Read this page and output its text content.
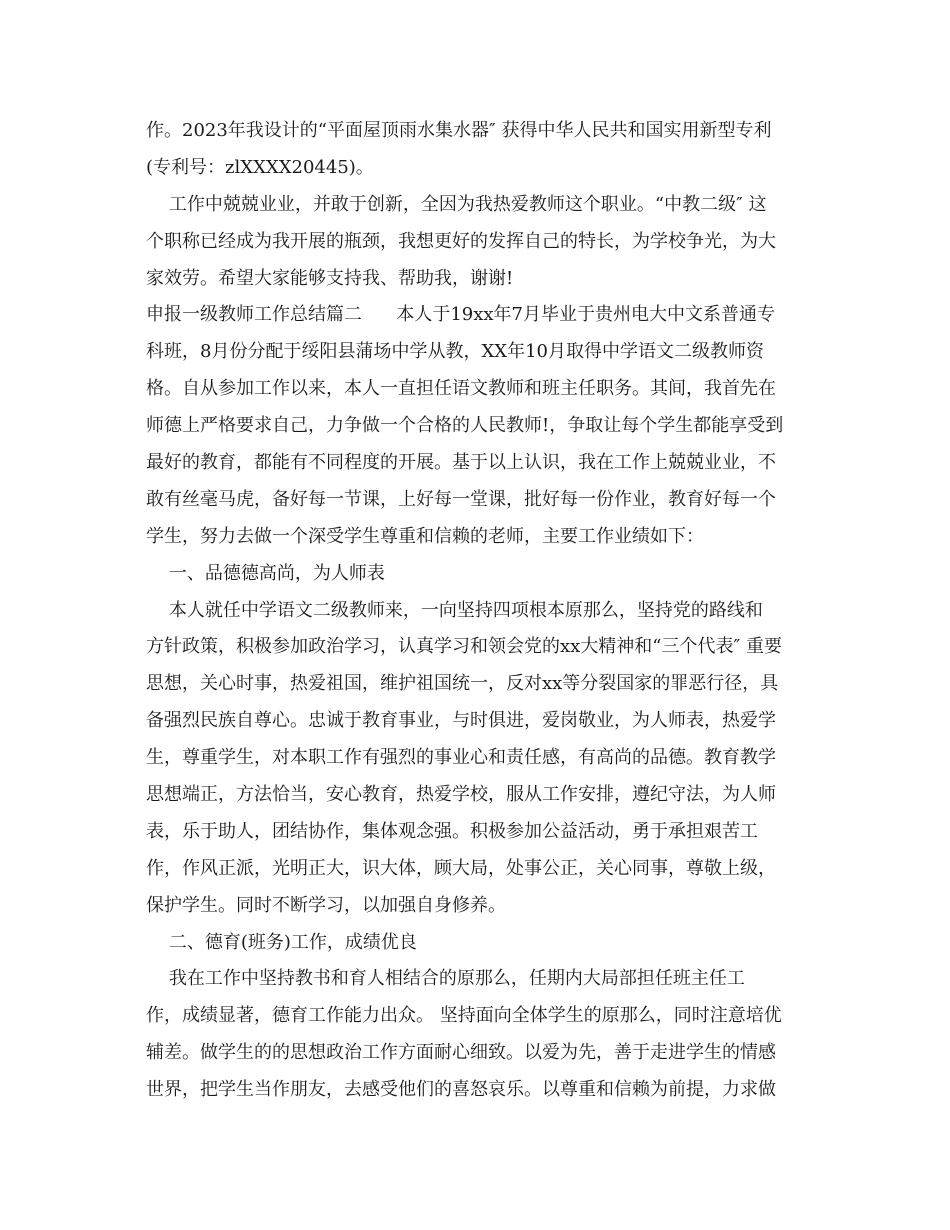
作。2023年我设计的“平面屋顶雨水集水器″ 获得中华人民共和国实用新型专利
(专利号：zlXXXX20445)。
工作中兢兢业业，并敢于创新，全因为我热爱教师这个职业。“中教二级″ 这
个职称已经成为我开展的瓶颈，我想更好的发挥自己的特长，为学校争光，为大
家效劳。希望大家能够支持我、帮助我，谢谢!
申报一级教师工作总结篇二      本人于19xx年7月毕业于贵州电大中文系普通专
科班，8月份分配于绥阳县蒲场中学从教，XX年10月取得中学语文二级教师资
格。自从参加工作以来，本人一直担任语文教师和班主任职务。其间，我首先在
师德上严格要求自己，力争做一个合格的人民教师!，争取让每个学生都能享受到
最好的教育，都能有不同程度的开展。基于以上认识，我在工作上兢兢业业，不
敢有丝毫马虎，备好每一节课，上好每一堂课，批好每一份作业，教育好每一个
学生，努力去做一个深受学生尊重和信赖的老师，主要工作业绩如下：
一、品德德高尚，为人师表
本人就任中学语文二级教师来，一向坚持四项根本原那么，坚持党的路线和
方针政策，积极参加政治学习，认真学习和领会党的xx大精神和“三个代表″ 重要
思想，关心时事，热爱祖国，维护祖国统一，反对xx等分裂国家的罪恶行径，具
备强烈民族自尊心。忠诚于教育事业，与时俱进，爱岗敬业，为人师表，热爱学
生，尊重学生，对本职工作有强烈的事业心和责任感，有高尚的品德。教育教学
思想端正，方法恰当，安心教育，热爱学校，服从工作安排，遵纪守法，为人师
表，乐于助人，团结协作，集体观念强。积极参加公益活动，勇于承担艰苦工
作，作风正派，光明正大，识大体，顾大局，处事公正，关心同事，尊敬上级，
保护学生。同时不断学习，以加强自身修养。
二、德育(班务)工作，成绩优良
我在工作中坚持教书和育人相结合的原那么，任期内大局部担任班主任工
作，成绩显著，德育工作能力出众。 坚持面向全体学生的原那么，同时注意培优
辅差。做学生的的思想政治工作方面耐心细致。以爱为先，善于走进学生的情感
世界，把学生当作朋友，去感受他们的喜怒哀乐。以尊重和信赖为前提，力求做
